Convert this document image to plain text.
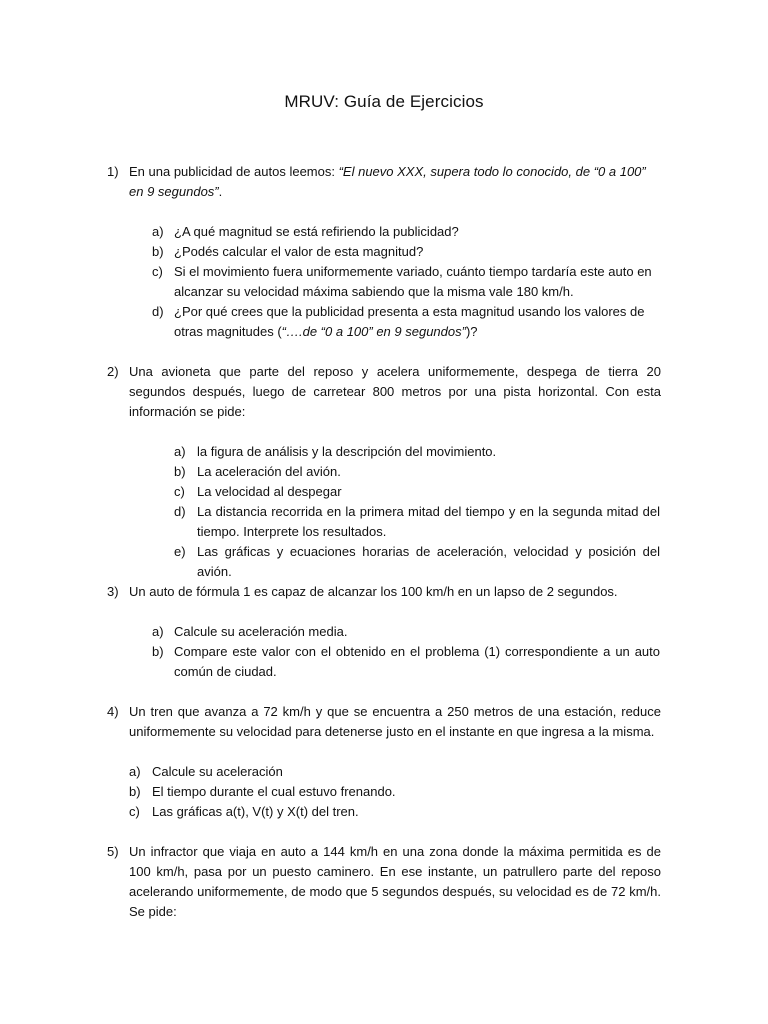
MRUV: Guía de Ejercicios
1) En una publicidad de autos leemos: “El nuevo XXX, supera todo lo conocido, de “0 a 100” en 9 segundos”.

a) ¿A qué magnitud se está refiriendo la publicidad?

b) ¿Podés calcular el valor de esta magnitud?

c) Si el movimiento fuera uniformemente variado, cuánto tiempo tardaría este auto en alcanzar su velocidad máxima sabiendo que la misma vale 180 km/h.

d) ¿Por qué crees que la publicidad presenta a esta magnitud usando los valores de otras magnitudes (“….de “0 a 100” en 9 segundos”)?

2) Una avioneta que parte del reposo y acelera uniformemente, despega de tierra 20 segundos después, luego de carretear 800 metros por una pista horizontal. Con esta información se pide:

a) la figura de análisis y la descripción del movimiento.

b) La aceleración del avión.

c) La velocidad al despegar

d) La distancia recorrida en la primera mitad del tiempo y en la segunda mitad del tiempo. Interprete los resultados.

e) Las gráficas y ecuaciones horarias de aceleración, velocidad y posición del avión.

3) Un auto de fórmula 1 es capaz de alcanzar los 100 km/h en un lapso de 2 segundos.

a) Calcule su aceleración media.

b) Compare este valor con el obtenido en el problema (1) correspondiente a un auto común de ciudad.

4) Un tren que avanza a 72 km/h y que se encuentra a 250 metros de una estación, reduce uniformemente su velocidad para detenerse justo en el instante en que ingresa a la misma.

a) Calcule su aceleración

b) El tiempo durante el cual estuvo frenando.

c) Las gráficas a(t), V(t) y X(t) del tren.

5) Un infractor que viaja en auto a 144 km/h en una zona donde la máxima permitida es de 100 km/h, pasa por un puesto caminero. En ese instante, un patrullero parte del reposo acelerando uniformemente, de modo que 5 segundos después, su velocidad es de 72 km/h. Se pide:
